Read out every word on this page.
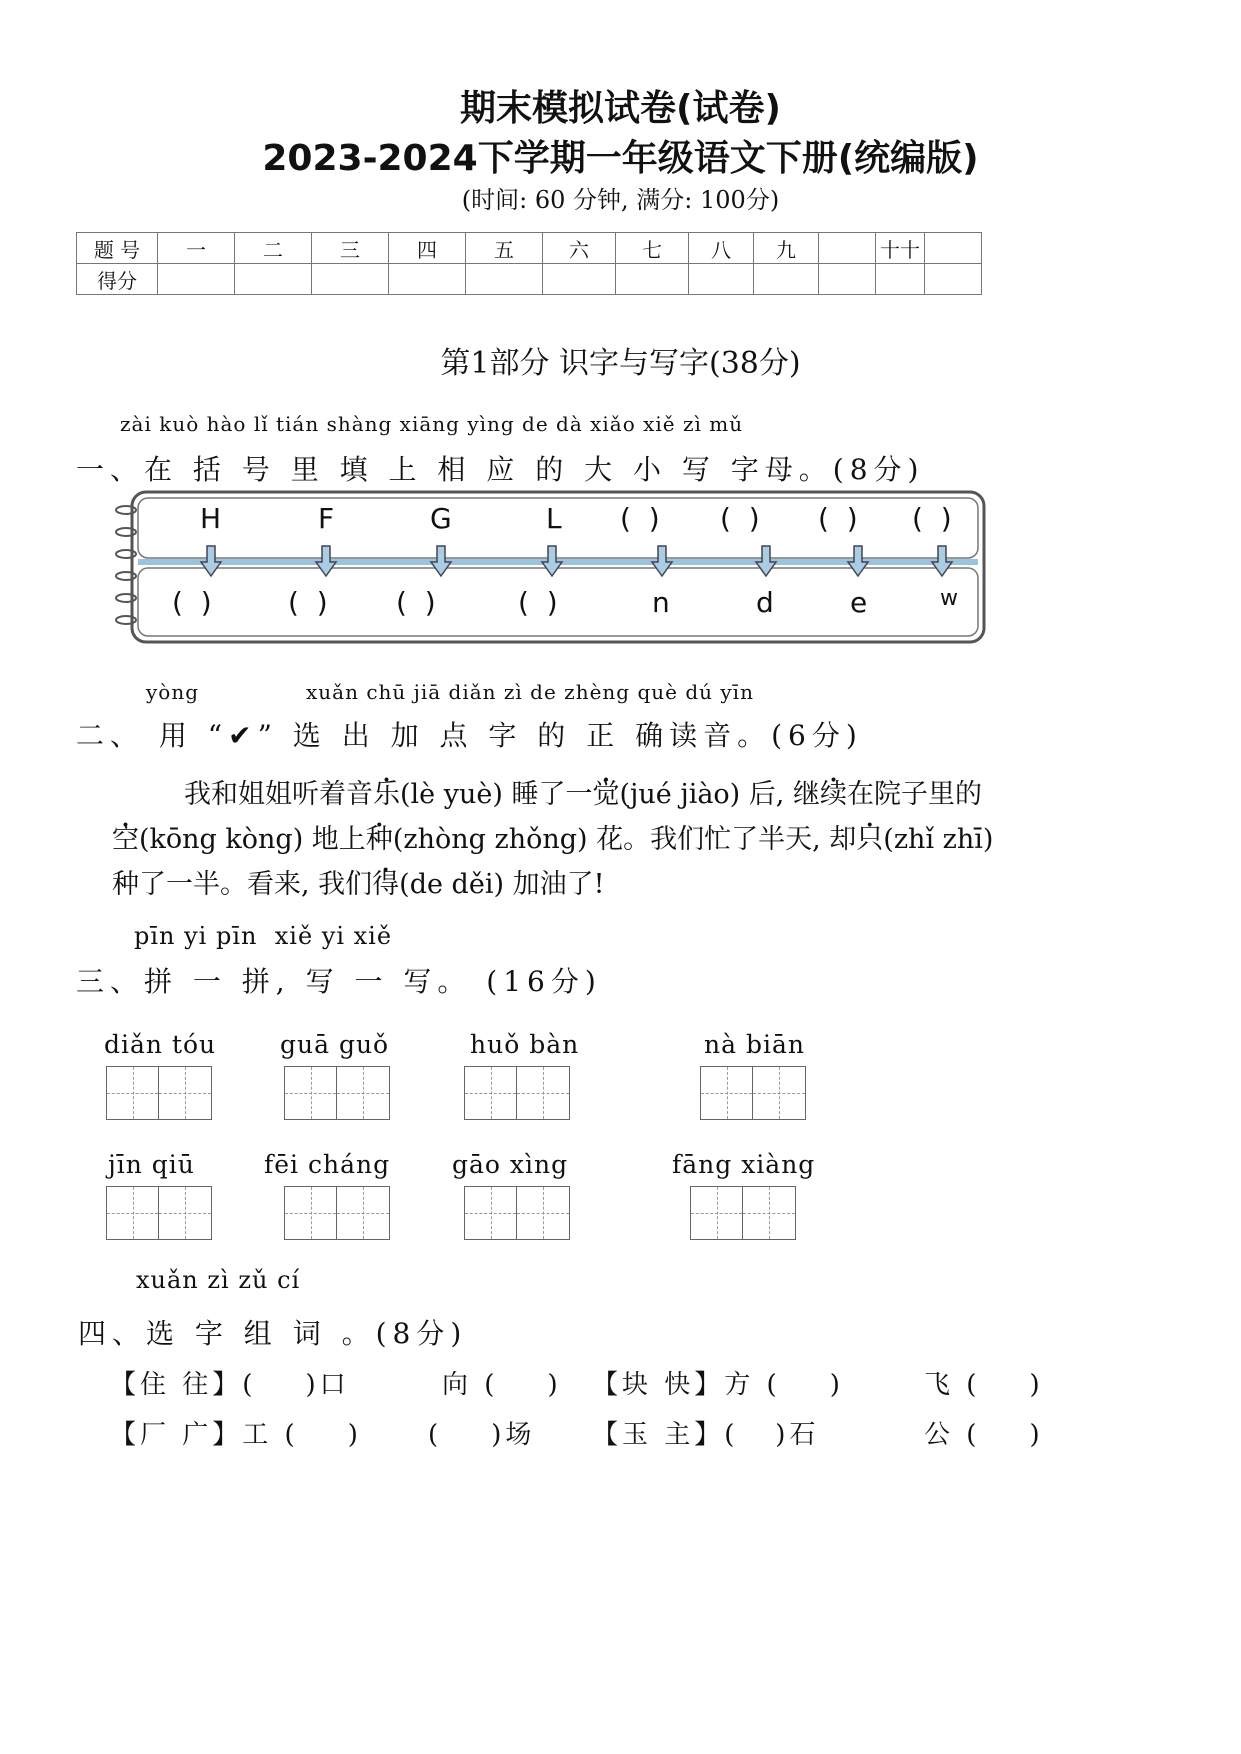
期末模拟试卷(试卷)
2023-2024下学期一年级语文下册(统编版)
(时间: 60 分钟, 满分: 100分)
题 号	一	二	三	四	五	六	七	八	九		十十	
得分												
第1部分 识字与写字(38分)
zài kuò hào lǐ tián shàng xiāng yìng de dà xiǎo xiě zì mǔ
一、在 括 号 里 填 上 相 应 的 大 小 写 字母。(8分)
H	F	G	L (  ) (  ) (  ) (  )
(  )	(  ) (  )	(  )	n	d	e	w
yòng	xuǎn chū jiā diǎn zì de zhèng què dú yīn
二、 用 “✔” 选 出 加 点 字 的 正 确读音。(6分)
我和姐姐听着音乐(lè yuè) 睡了一觉(jué jiào) 后, 继续在院子里的
空(kōng kòng) 地上种(zhòng zhǒng) 花。我们忙了半天, 却只(zhǐ zhī)
种了一半。看来, 我们得(de děi) 加油了!
pīn yi pīn  xiě yi xiě
三、拼 一 拼, 写 一 写。 (16分)
diǎn tóu	guā guǒ	huǒ bàn	nà biān
jīn qiū	fēi cháng gāo xìng	fāng xiàng
xuǎn zì zǔ cí
四、选 字 组 词 。(8分)
【住 往】(    )口	向 (    ) 【块 快】方 (    )	飞 (    )
【厂 广】工 (    )	(    )场 【玉 主】(   )石	公 (    )
